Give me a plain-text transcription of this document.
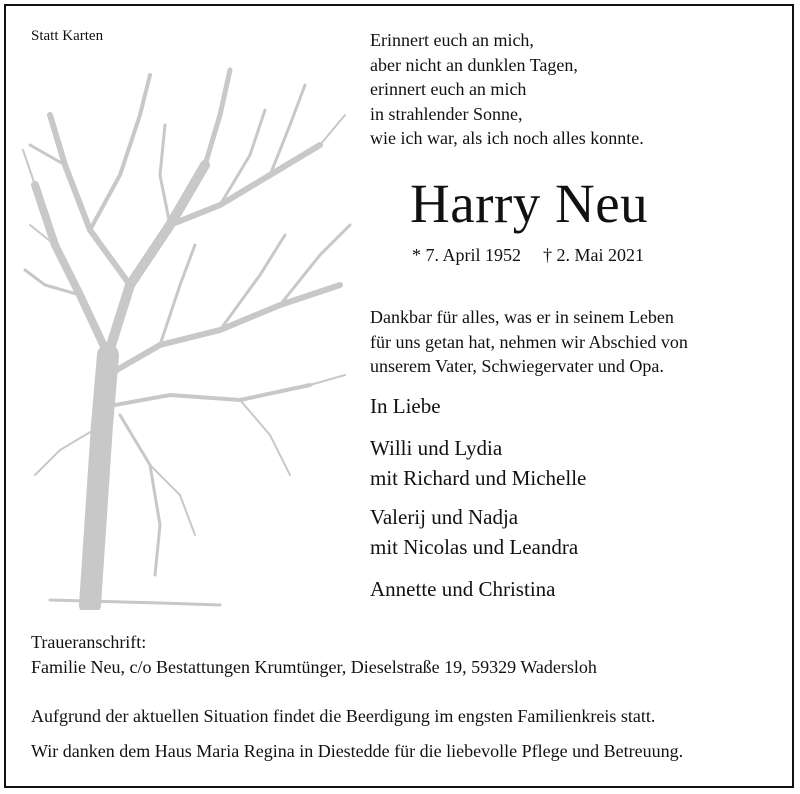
Statt Karten	Erinnert euch an mich,
aber nicht an dunklen Tagen,
erinnert euch an mich
in strahlender Sonne,
wie ich war, als ich noch alles konnte.
Harry Neu
* 7. April 1952 † 2. Mai 2021
Dankbar für alles, was er in seinem Leben
für uns getan hat, nehmen wir Abschied von
unserem Vater, Schwiegervater und Opa.
In Liebe
Willi und Lydia
mit Richard und Michelle
Valerij und Nadja
mit Nicolas und Leandra
Annette und Christina
Traueranschrift:
Familie Neu, c/o Bestattungen Krumtünger, Dieselstraße 19, 59329 Wadersloh
Aufgrund der aktuellen Situation findet die Beerdigung im engsten Familienkreis statt.
Wir danken dem Haus Maria Regina in Diestedde für die liebevolle Pflege und Betreuung.
